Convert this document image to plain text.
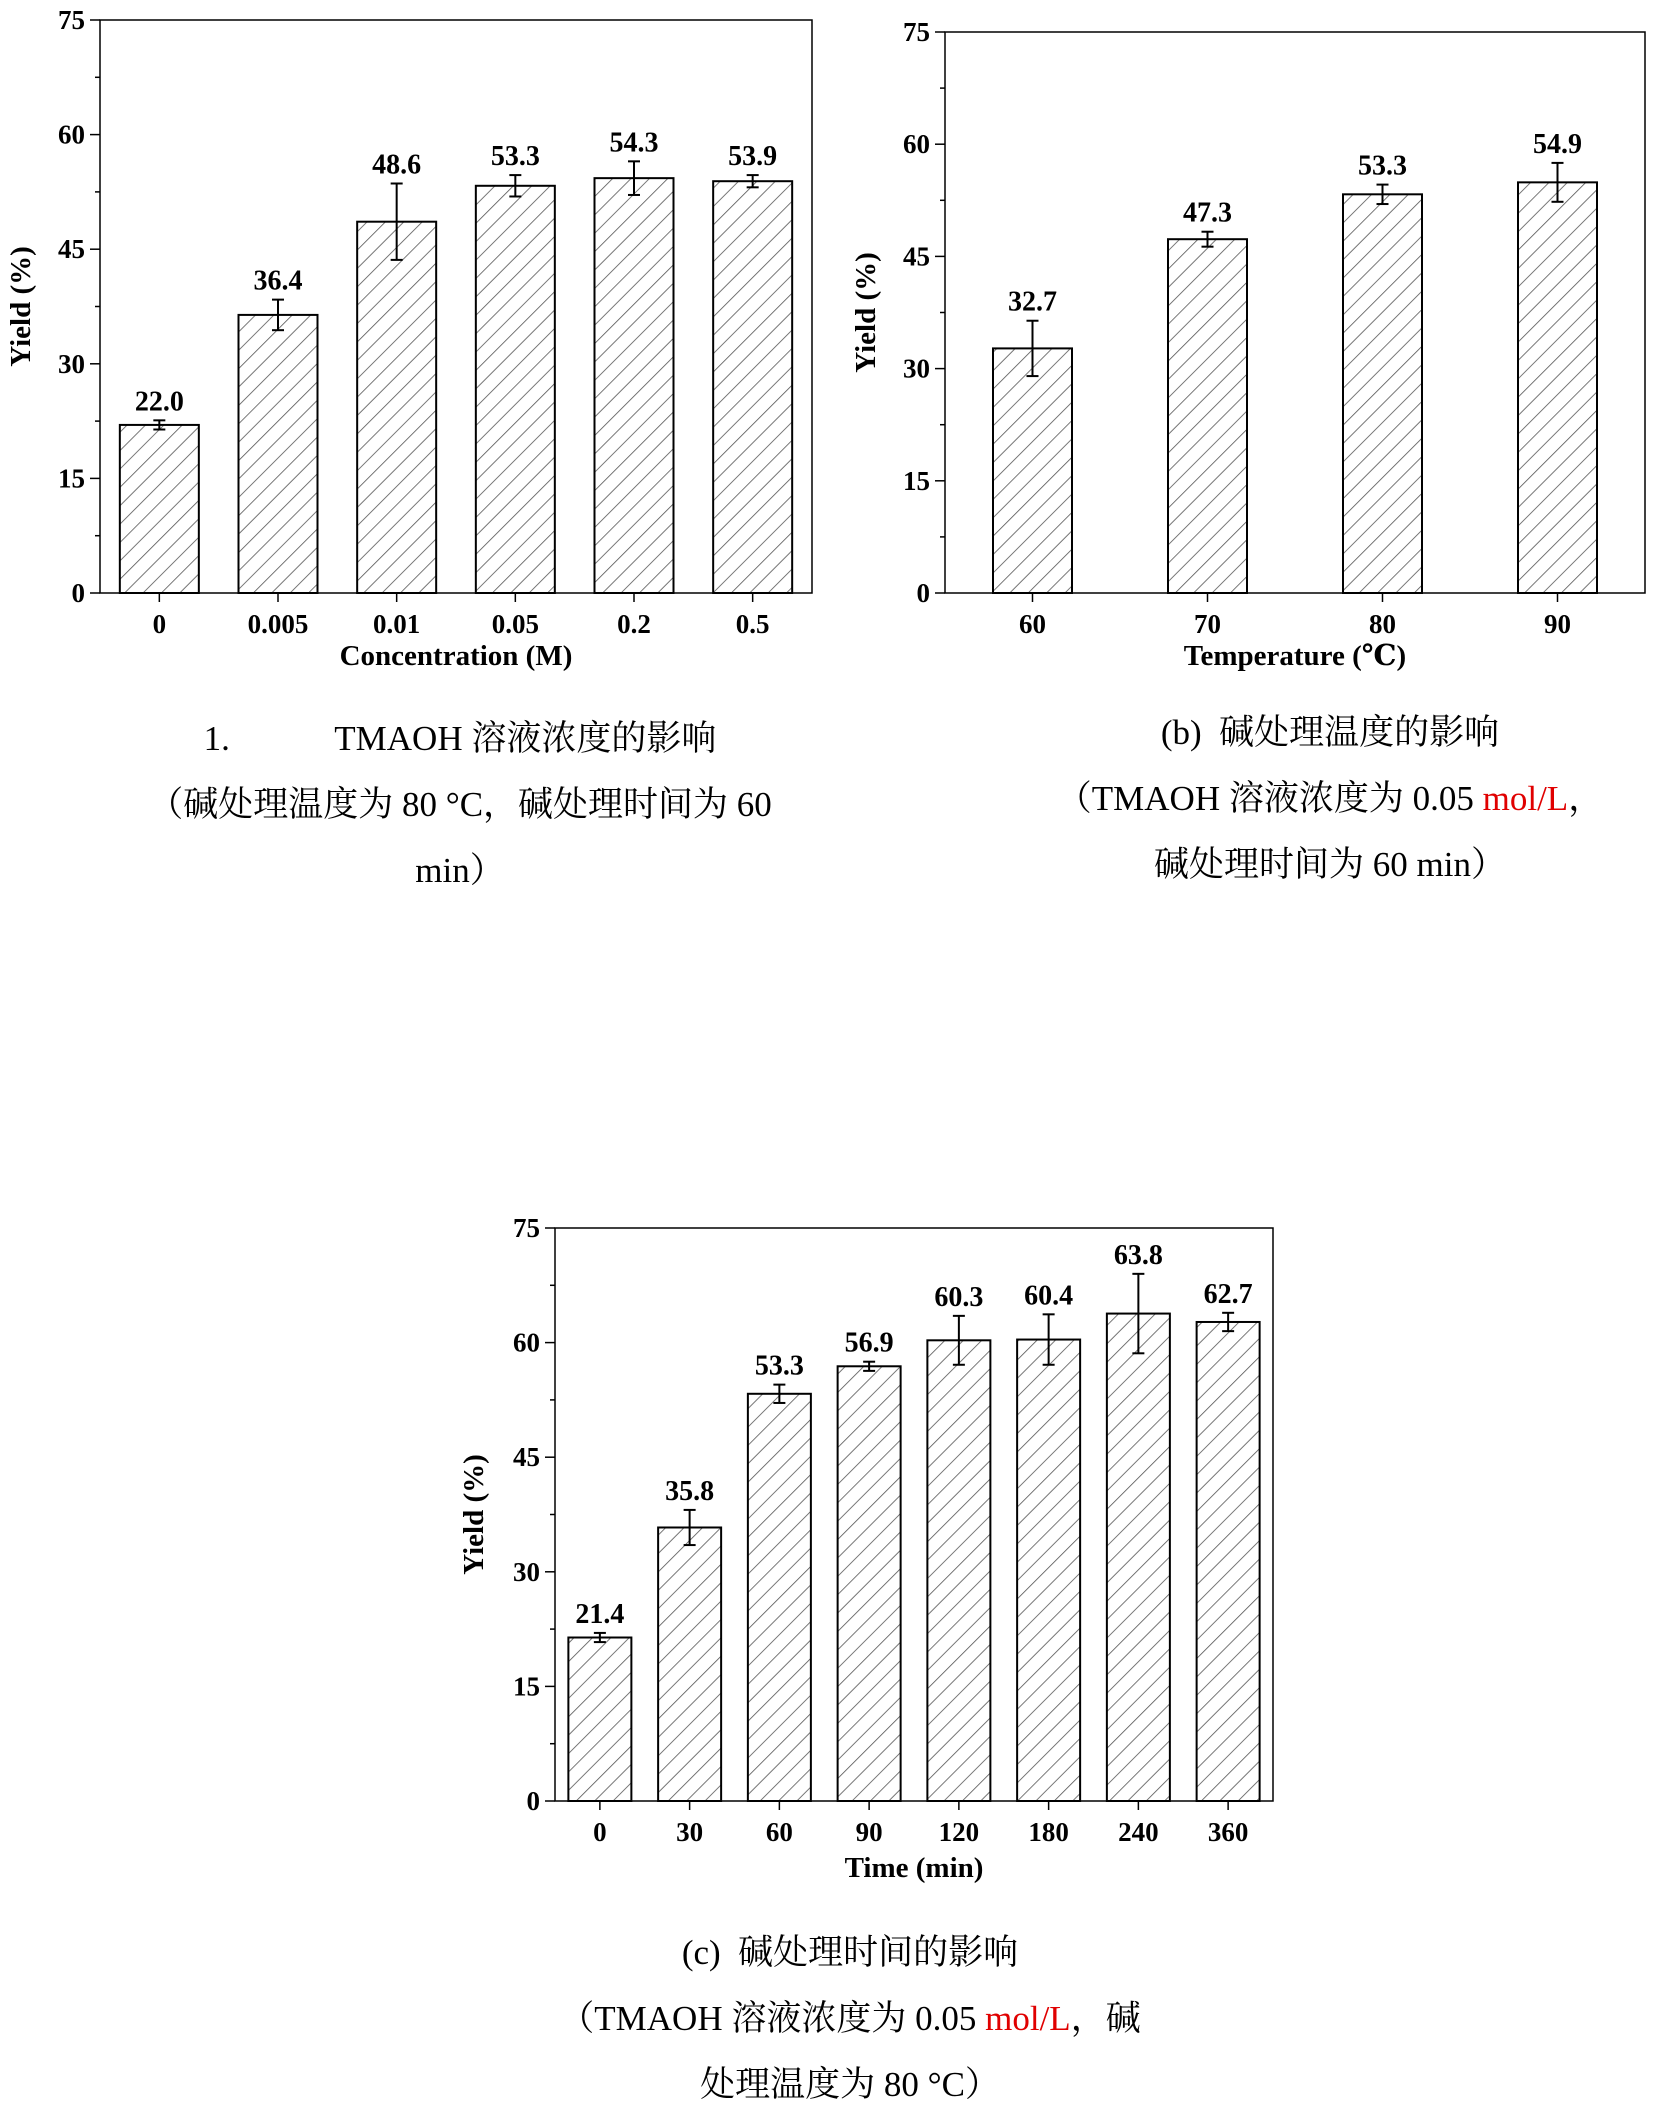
0
15
30
45
60
75
Yield (%)
Concentration (M)
22.0
0
36.4
0.005
48.6
0.01
53.3
0.05
54.3
0.2
53.9
0.5
0
15
30
45
60
75
Yield (%)
Temperature (℃)
32.7
60
47.3
70
53.3
80
54.9
90
0
15
30
45
60
75
Yield (%)
Time (min)
21.4
0
35.8
30
53.3
60
56.9
90
60.3
120
60.4
180
63.8
240
62.7
360
1.	TMAOH 溶液浓度的影响
（碱处理温度为 80 °C，碱处理时间为 60
min）
(b)  碱处理温度的影响
（TMAOH 溶液浓度为 0.05 mol/L，
碱处理时间为 60 min）
(c)  碱处理时间的影响
（TMAOH 溶液浓度为 0.05 mol/L，碱
处理温度为 80 °C）
